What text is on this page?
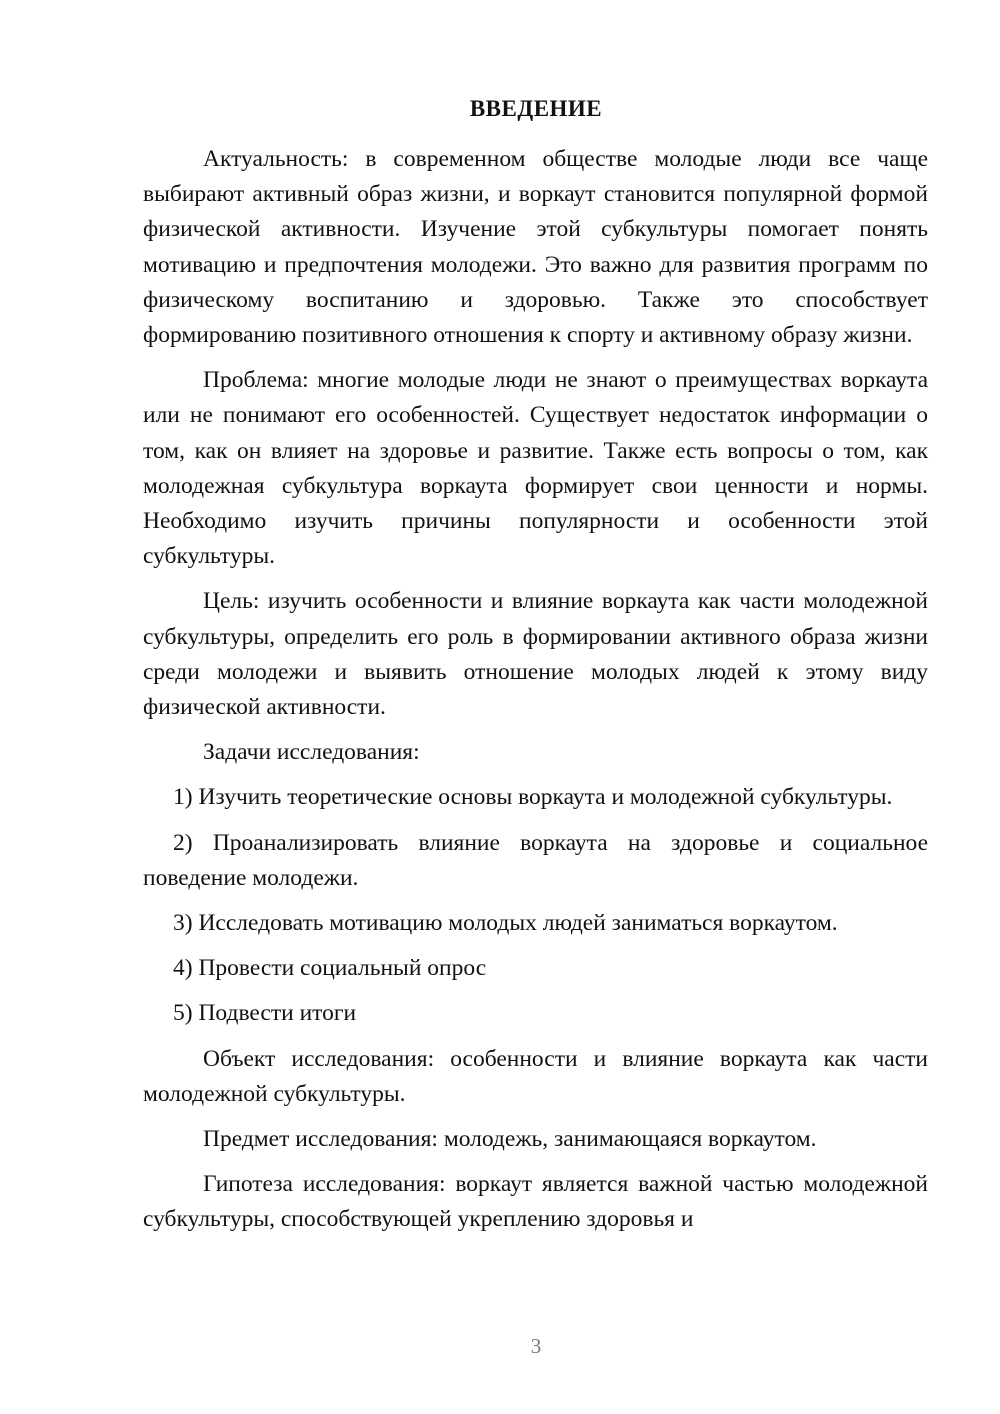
ВВЕДЕНИЕ

Актуальность: в современном обществе молодые люди все чаще выбирают активный образ жизни, и воркаут становится популярной формой физической активности. Изучение этой субкультуры помогает понять мотивацию и предпочтения молодежи. Это важно для развития программ по физическому воспитанию и здоровью. Также это способствует формированию позитивного отношения к спорту и активному образу жизни.

Проблема: многие молодые люди не знают о преимуществах воркаута или не понимают его особенностей. Существует недостаток информации о том, как он влияет на здоровье и развитие. Также есть вопросы о том, как молодежная субкультура воркаута формирует свои ценности и нормы. Необходимо изучить причины популярности и особенности этой субкультуры.

Цель: изучить особенности и влияние воркаута как части молодежной субкультуры, определить его роль в формировании активного образа жизни среди молодежи и выявить отношение молодых людей к этому виду физической активности.

Задачи исследования:

1) Изучить теоретические основы воркаута и молодежной субкультуры.

2) Проанализировать влияние воркаута на здоровье и социальное поведение молодежи.

3) Исследовать мотивацию молодых людей заниматься воркаутом.

4) Провести социальный опрос

5) Подвести итоги

Объект исследования: особенности и влияние воркаута как части молодежной субкультуры.

Предмет исследования: молодежь, занимающаяся воркаутом.

Гипотеза исследования: воркаут является важной частью молодежной субкультуры, способствующей укреплению здоровья и

3
